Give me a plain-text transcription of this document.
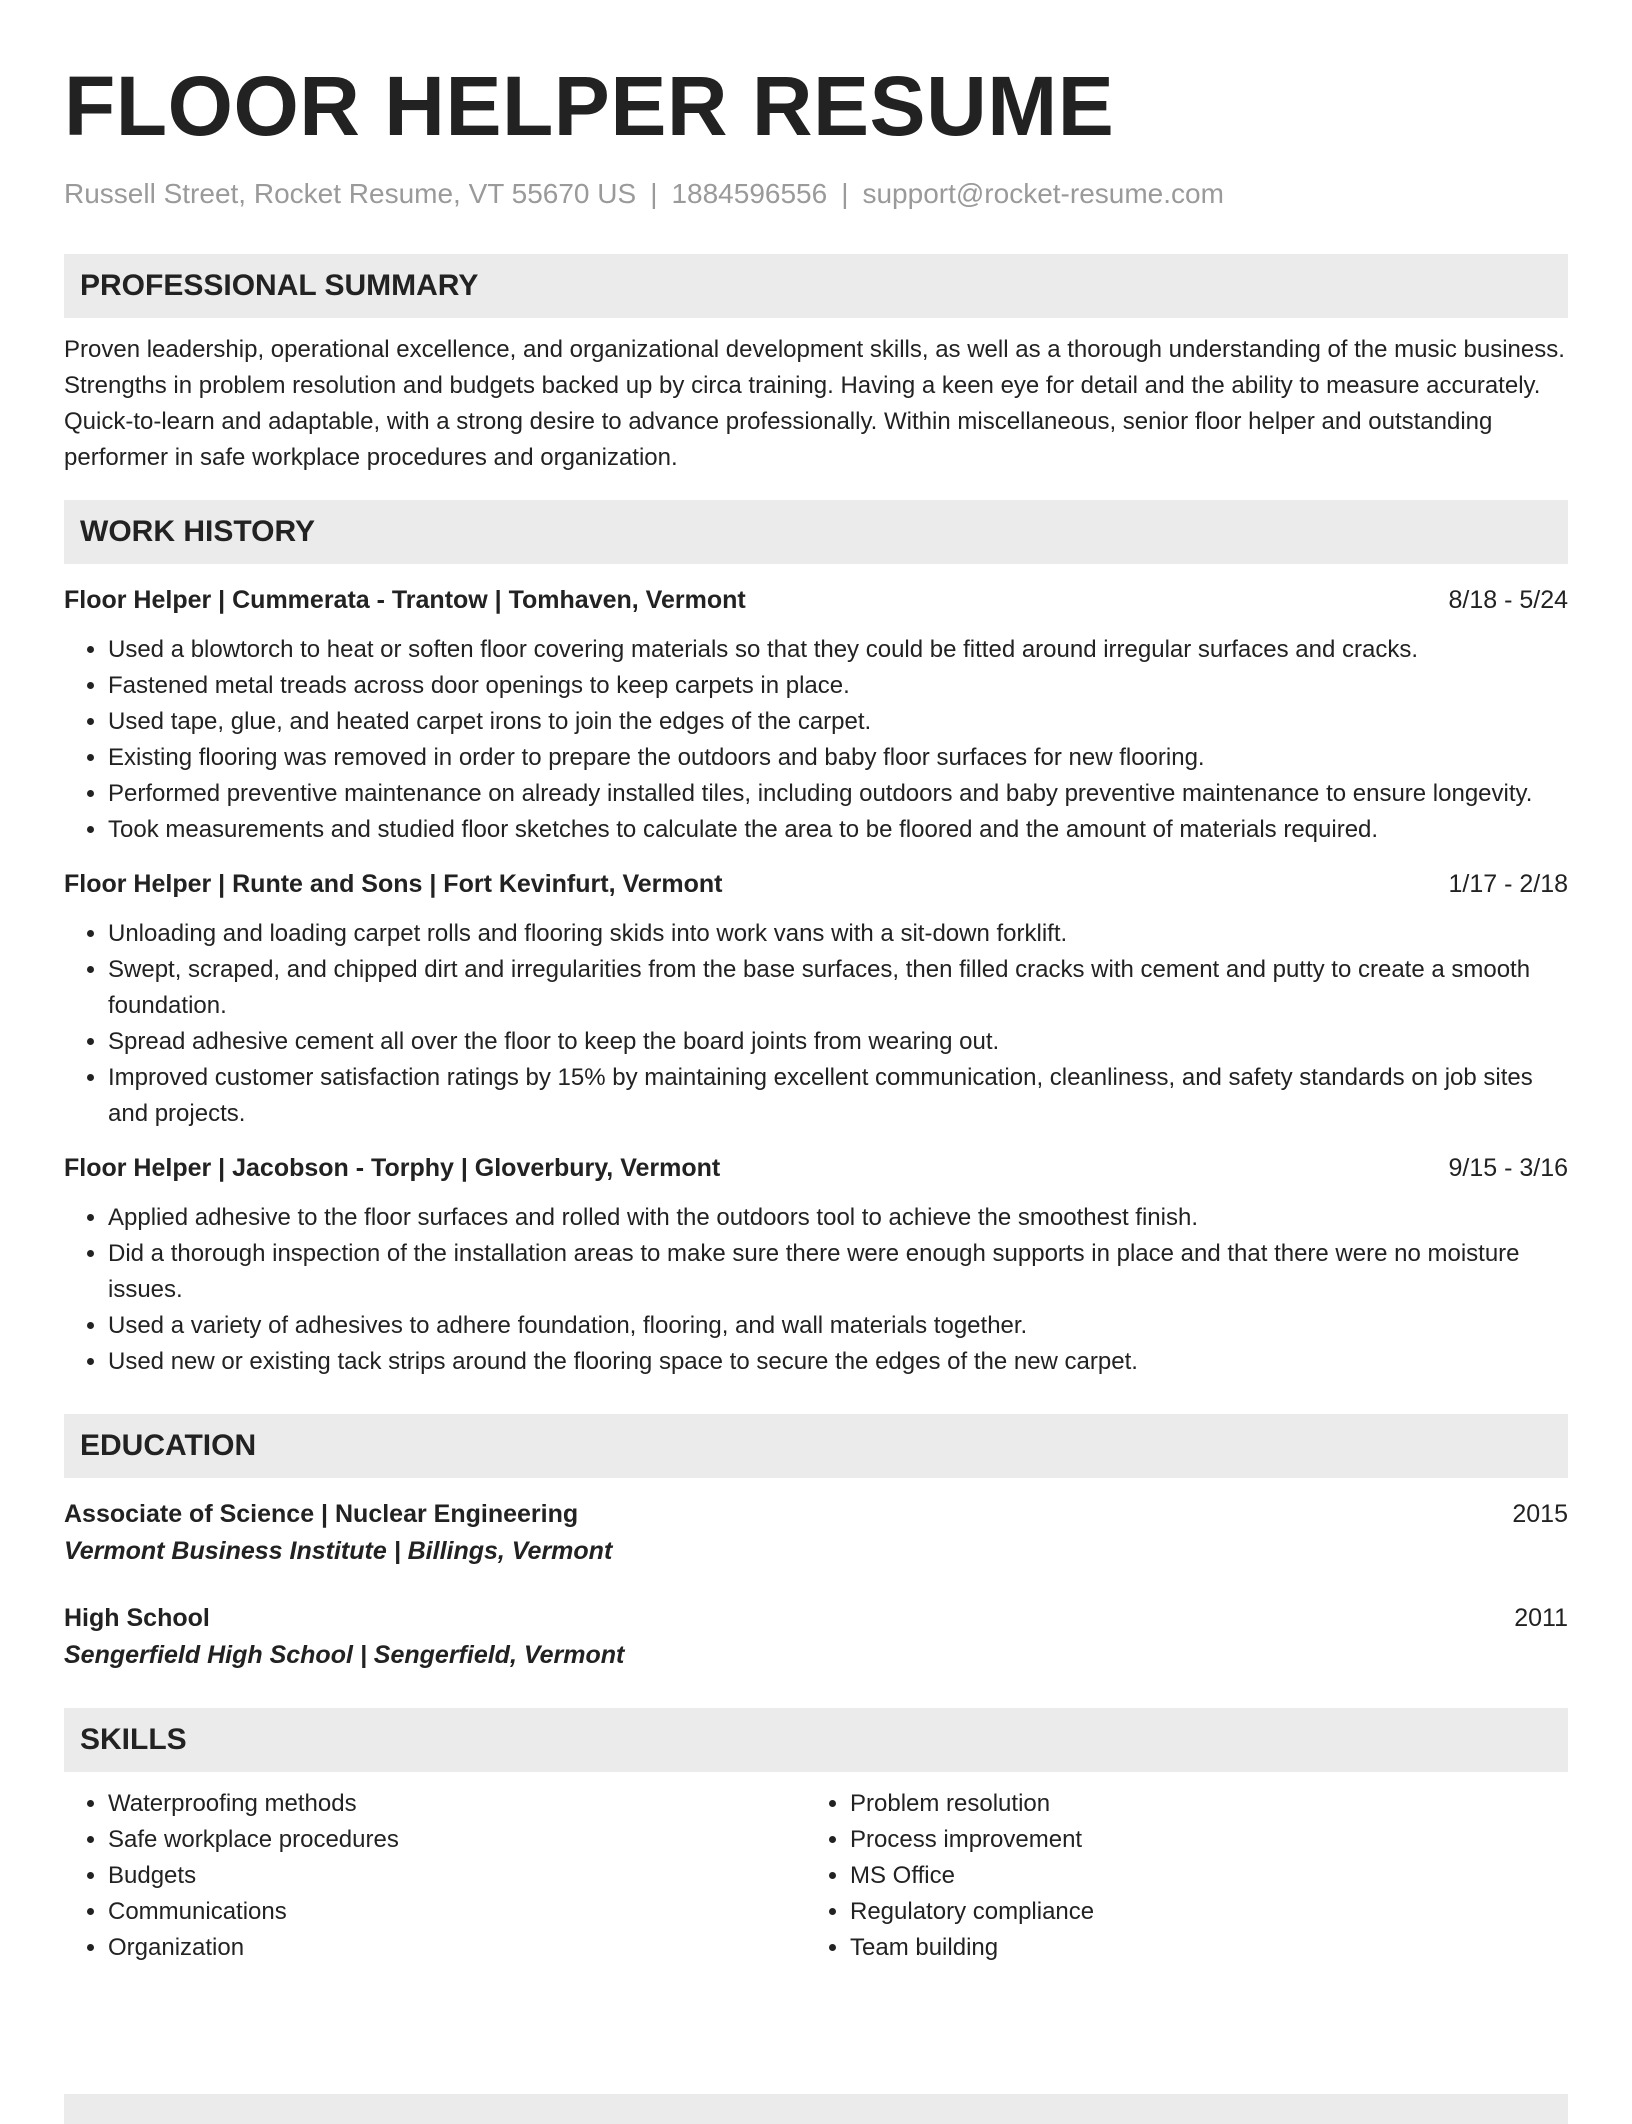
FLOOR HELPER RESUME
Russell Street, Rocket Resume, VT 55670 US | 1884596556 | support@rocket-resume.com
PROFESSIONAL SUMMARY

Proven leadership, operational excellence, and organizational development skills, as well as a thorough understanding of the music business. Strengths in problem resolution and budgets backed up by circa training. Having a keen eye for detail and the ability to measure accurately. Quick-to-learn and adaptable, with a strong desire to advance professionally. Within miscellaneous, senior floor helper and outstanding performer in safe workplace procedures and organization.

WORK HISTORY
Floor Helper | Cummerata - Trantow | Tomhaven, Vermont	8/18 - 5/24
• Used a blowtorch to heat or soften floor covering materials so that they could be fitted around irregular surfaces and cracks.
• Fastened metal treads across door openings to keep carpets in place.
• Used tape, glue, and heated carpet irons to join the edges of the carpet.
• Existing flooring was removed in order to prepare the outdoors and baby floor surfaces for new flooring.
• Performed preventive maintenance on already installed tiles, including outdoors and baby preventive maintenance to ensure longevity.
• Took measurements and studied floor sketches to calculate the area to be floored and the amount of materials required.
Floor Helper | Runte and Sons | Fort Kevinfurt, Vermont	1/17 - 2/18
• Unloading and loading carpet rolls and flooring skids into work vans with a sit-down forklift.
• Swept, scraped, and chipped dirt and irregularities from the base surfaces, then filled cracks with cement and putty to create a smooth foundation.
• Spread adhesive cement all over the floor to keep the board joints from wearing out.
• Improved customer satisfaction ratings by 15% by maintaining excellent communication, cleanliness, and safety standards on job sites and projects.
Floor Helper | Jacobson - Torphy | Gloverbury, Vermont	9/15 - 3/16
• Applied adhesive to the floor surfaces and rolled with the outdoors tool to achieve the smoothest finish.
• Did a thorough inspection of the installation areas to make sure there were enough supports in place and that there were no moisture issues.
• Used a variety of adhesives to adhere foundation, flooring, and wall materials together.
• Used new or existing tack strips around the flooring space to secure the edges of the new carpet.
EDUCATION
Associate of Science | Nuclear Engineering	2015
Vermont Business Institute | Billings, Vermont
High School	2011
Sengerfield High School | Sengerfield, Vermont
SKILLS
• Waterproofing methods
• Safe workplace procedures
• Budgets
• Communications
• Organization
• Problem resolution
• Process improvement
• MS Office
• Regulatory compliance
• Team building
